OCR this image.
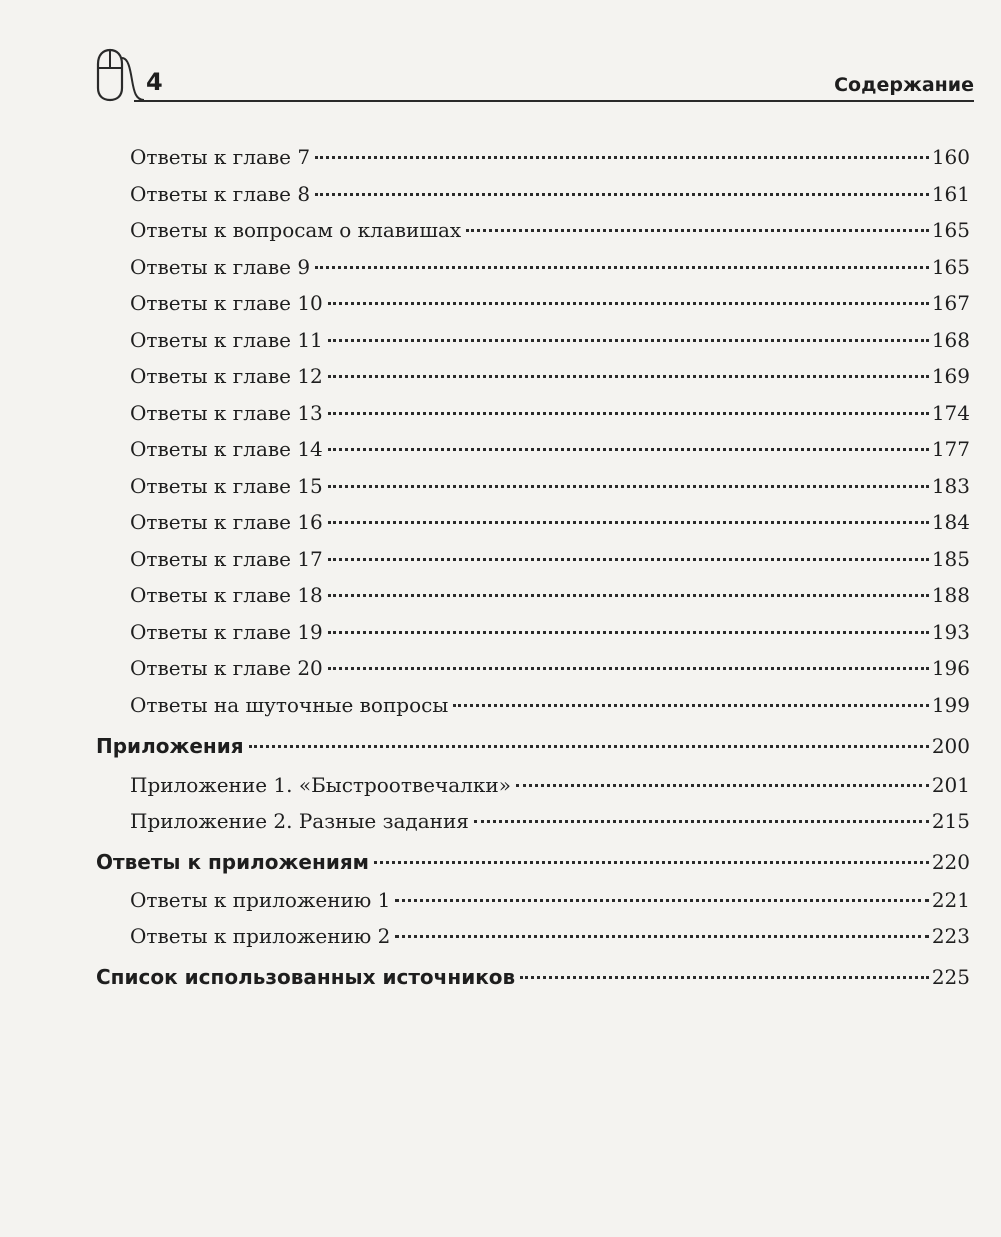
4	Содержание
Ответы к главе 7	160
Ответы к главе 8	161
Ответы к вопросам о клавишах	165
Ответы к главе 9	165
Ответы к главе 10	167
Ответы к главе 11	168
Ответы к главе 12	169
Ответы к главе 13	174
Ответы к главе 14	177
Ответы к главе 15	183
Ответы к главе 16	184
Ответы к главе 17	185
Ответы к главе 18	188
Ответы к главе 19	193
Ответы к главе 20	196
Ответы на шуточные вопросы	199
Приложения	200
Приложение 1. «Быстроотвечалки»	201
Приложение 2. Разные задания	215
Ответы к приложениям	220
Ответы к приложению 1	221
Ответы к приложению 2	223
Список использованных источников	225
